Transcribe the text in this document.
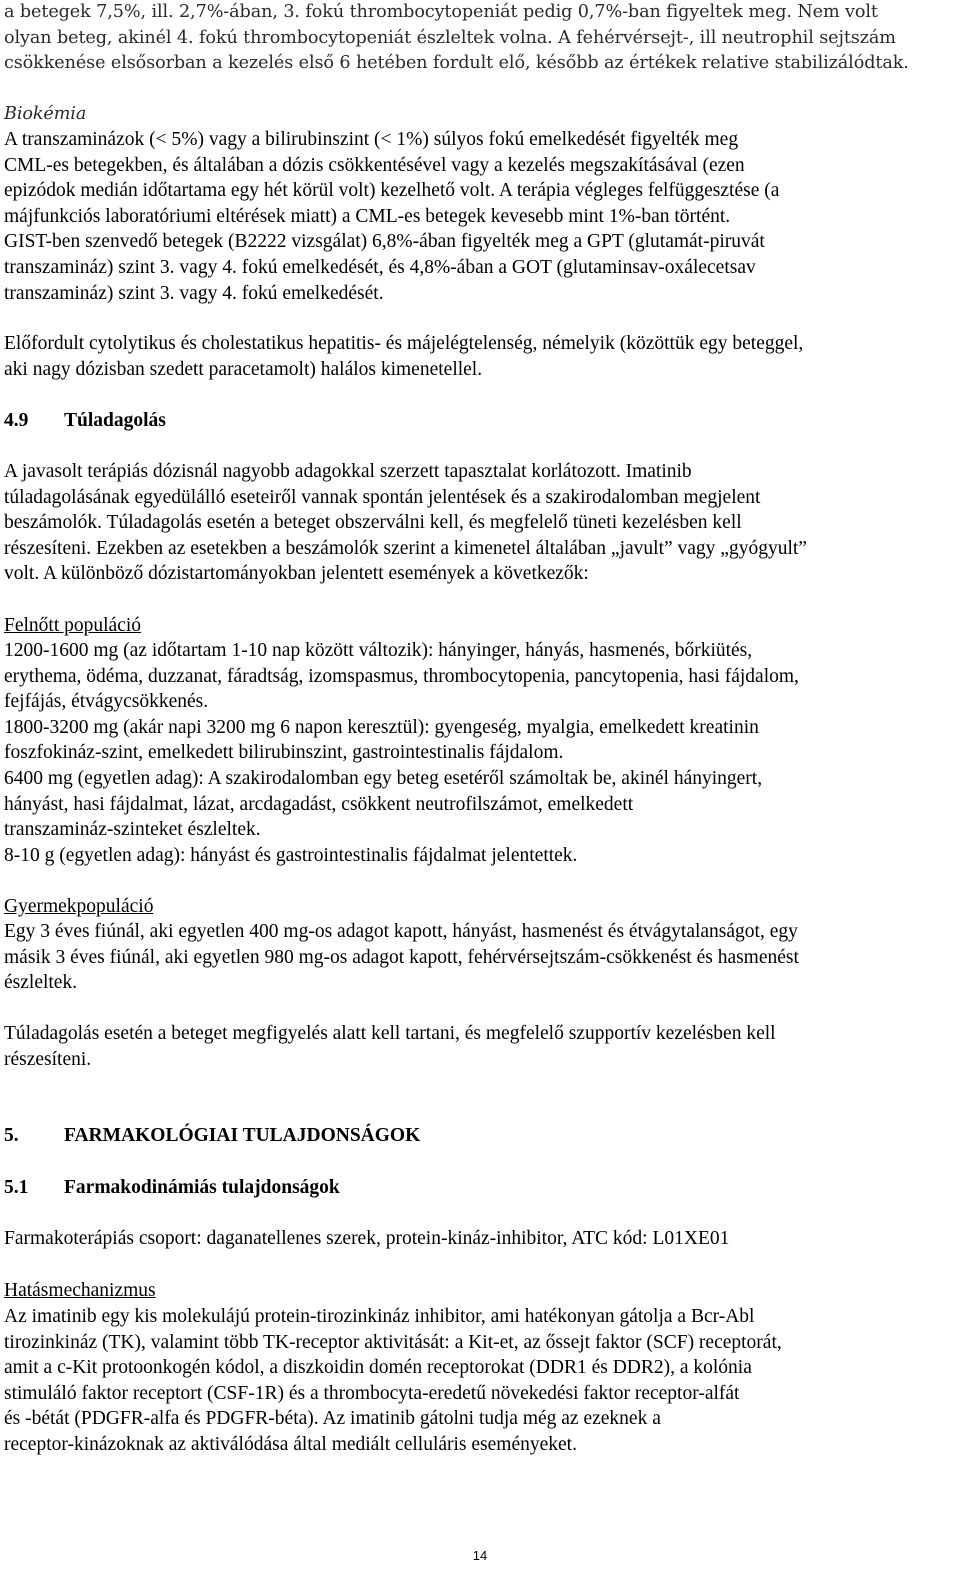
a betegek 7,5%, ill. 2,7%-ában, 3. fokú thrombocytopeniát pedig 0,7%-ban figyeltek meg. Nem volt
olyan beteg, akinél 4. fokú thrombocytopeniát észleltek volna. A fehérvérsejt-, ill neutrophil sejtszám
csökkenése elsősorban a kezelés első 6 hetében fordult elő, később az értékek relative stabilizálódtak.
Biokémia
A transzaminázok (< 5%) vagy a bilirubinszint (< 1%) súlyos fokú emelkedését figyelték meg
CML-es betegekben, és általában a dózis csökkentésével vagy a kezelés megszakításával (ezen
epizódok medián időtartama egy hét körül volt) kezelhető volt. A terápia végleges felfüggesztése (a
májfunkciós laboratóriumi eltérések miatt) a CML-es betegek kevesebb mint 1%-ban történt.
GIST-ben szenvedő betegek (B2222 vizsgálat) 6,8%-ában figyelték meg a GPT (glutamát-piruvát
transzamináz) szint 3. vagy 4. fokú emelkedését, és 4,8%-ában a GOT (glutaminsav-oxálecetsav
transzamináz) szint 3. vagy 4. fokú emelkedését.
Előfordult cytolytikus és cholestatikus hepatitis- és májelégtelenség, némelyik (közöttük egy beteggel,
aki nagy dózisban szedett paracetamolt) halálos kimenetellel.
4.9 Túladagolás
A javasolt terápiás dózisnál nagyobb adagokkal szerzett tapasztalat korlátozott. Imatinib
túladagolásának egyedülálló eseteiről vannak spontán jelentések és a szakirodalomban megjelent
beszámolók. Túladagolás esetén a beteget obszerválni kell, és megfelelő tüneti kezelésben kell
részesíteni. Ezekben az esetekben a beszámolók szerint a kimenetel általában „javult” vagy „gyógyult”
volt. A különböző dózistartományokban jelentett események a következők:
Felnőtt populáció
1200-1600 mg (az időtartam 1-10 nap között változik): hányinger, hányás, hasmenés, bőrkiütés,
erythema, ödéma, duzzanat, fáradtság, izomspasmus, thrombocytopenia, pancytopenia, hasi fájdalom,
fejfájás, étvágycsökkenés.
1800-3200 mg (akár napi 3200 mg 6 napon keresztül): gyengeség, myalgia, emelkedett kreatinin
foszfokináz-szint, emelkedett bilirubinszint, gastrointestinalis fájdalom.
6400 mg (egyetlen adag): A szakirodalomban egy beteg esetéről számoltak be, akinél hányingert,
hányást, hasi fájdalmat, lázat, arcdagadást, csökkent neutrofilszámot, emelkedett
transzamináz-szinteket észleltek.
8-10 g (egyetlen adag): hányást és gastrointestinalis fájdalmat jelentettek.
Gyermekpopuláció
Egy 3 éves fiúnál, aki egyetlen 400 mg-os adagot kapott, hányást, hasmenést és étvágytalanságot, egy
másik 3 éves fiúnál, aki egyetlen 980 mg-os adagot kapott, fehérvérsejtszám-csökkenést és hasmenést
észleltek.
Túladagolás esetén a beteget megfigyelés alatt kell tartani, és megfelelő szupportív kezelésben kell
részesíteni.
5. FARMAKOLÓGIAI TULAJDONSÁGOK
5.1 Farmakodinámiás tulajdonságok
Farmakoterápiás csoport: daganatellenes szerek, protein-kináz-inhibitor, ATC kód: L01XE01
Hatásmechanizmus
Az imatinib egy kis molekulájú protein-tirozinkináz inhibitor, ami hatékonyan gátolja a Bcr-Abl
tirozinkináz (TK), valamint több TK-receptor aktivitását: a Kit-et, az őssejt faktor (SCF) receptorát,
amit a c-Kit protoonkogén kódol, a diszkoidin domén receptorokat (DDR1 és DDR2), a kolónia
stimuláló faktor receptort (CSF-1R) és a thrombocyta-eredetű növekedési faktor receptor-alfát
és -bétát (PDGFR-alfa és PDGFR-béta). Az imatinib gátolni tudja még az ezeknek a
receptor-kinázoknak az aktiválódása által mediált celluláris eseményeket.
14
